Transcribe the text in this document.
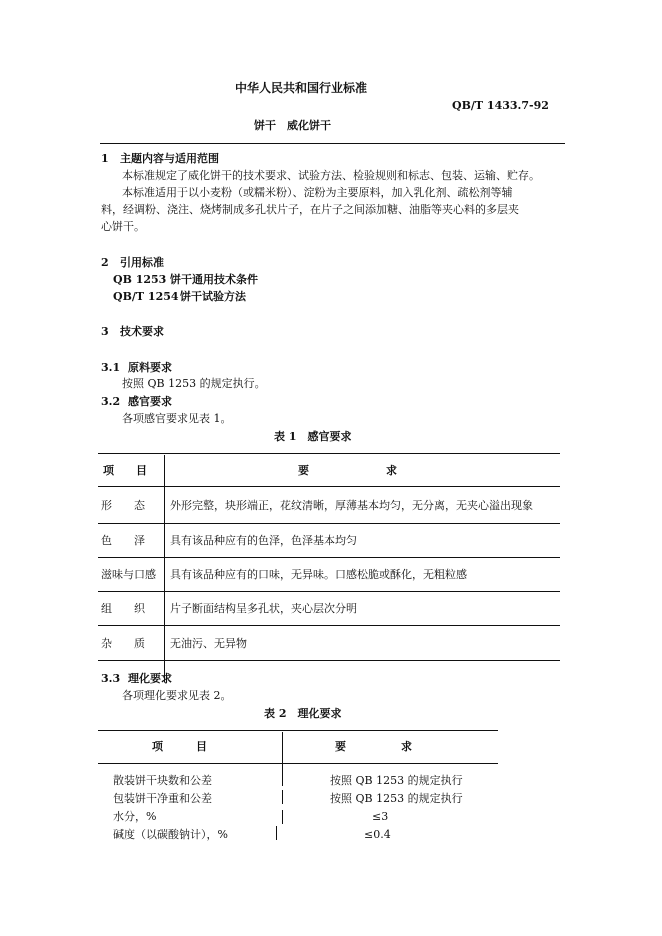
中华人民共和国行业标准
QB/T 1433.7-92
饼干　威化饼干
1 主题内容与适用范围
本标准规定了威化饼干的技术要求、试验方法、检验规则和标志、包装、运输、贮存。
本标准适用于以小麦粉（或糯米粉）、淀粉为主要原料，加入乳化剂、疏松剂等辅
料，经调粉、浇注、烧烤制成多孔状片子，在片子之间添加糖、油脂等夹心料的多层夹
心饼干。
2 引用标准
QB 1253 饼干通用技术条件
QB/T 1254 饼干试验方法
3 技术要求
3.1 原料要求
按照 QB 1253 的规定执行。
3.2 感官要求
各项感官要求见表 1。
表 1　感官要求
项　　目	要　　　　　　　求
形　　态 外形完整，块形端正，花纹清晰，厚薄基本均匀，无分离，无夹心溢出现象
色　　泽 具有该品种应有的色泽，色泽基本均匀
滋味与口感 具有该品种应有的口味，无异味。口感松脆或酥化，无粗粒感
组　　织 片子断面结构呈多孔状，夹心层次分明
杂　　质 无油污、无异物
3.3 理化要求
各项理化要求见表 2。
表 2　理化要求
项　　　目	要　　　　　求
散装饼干块数和公差	按照 QB 1253 的规定执行
包装饼干净重和公差	按照 QB 1253 的规定执行
水分，%	≤3
碱度（以碳酸钠计），%	≤0.4
